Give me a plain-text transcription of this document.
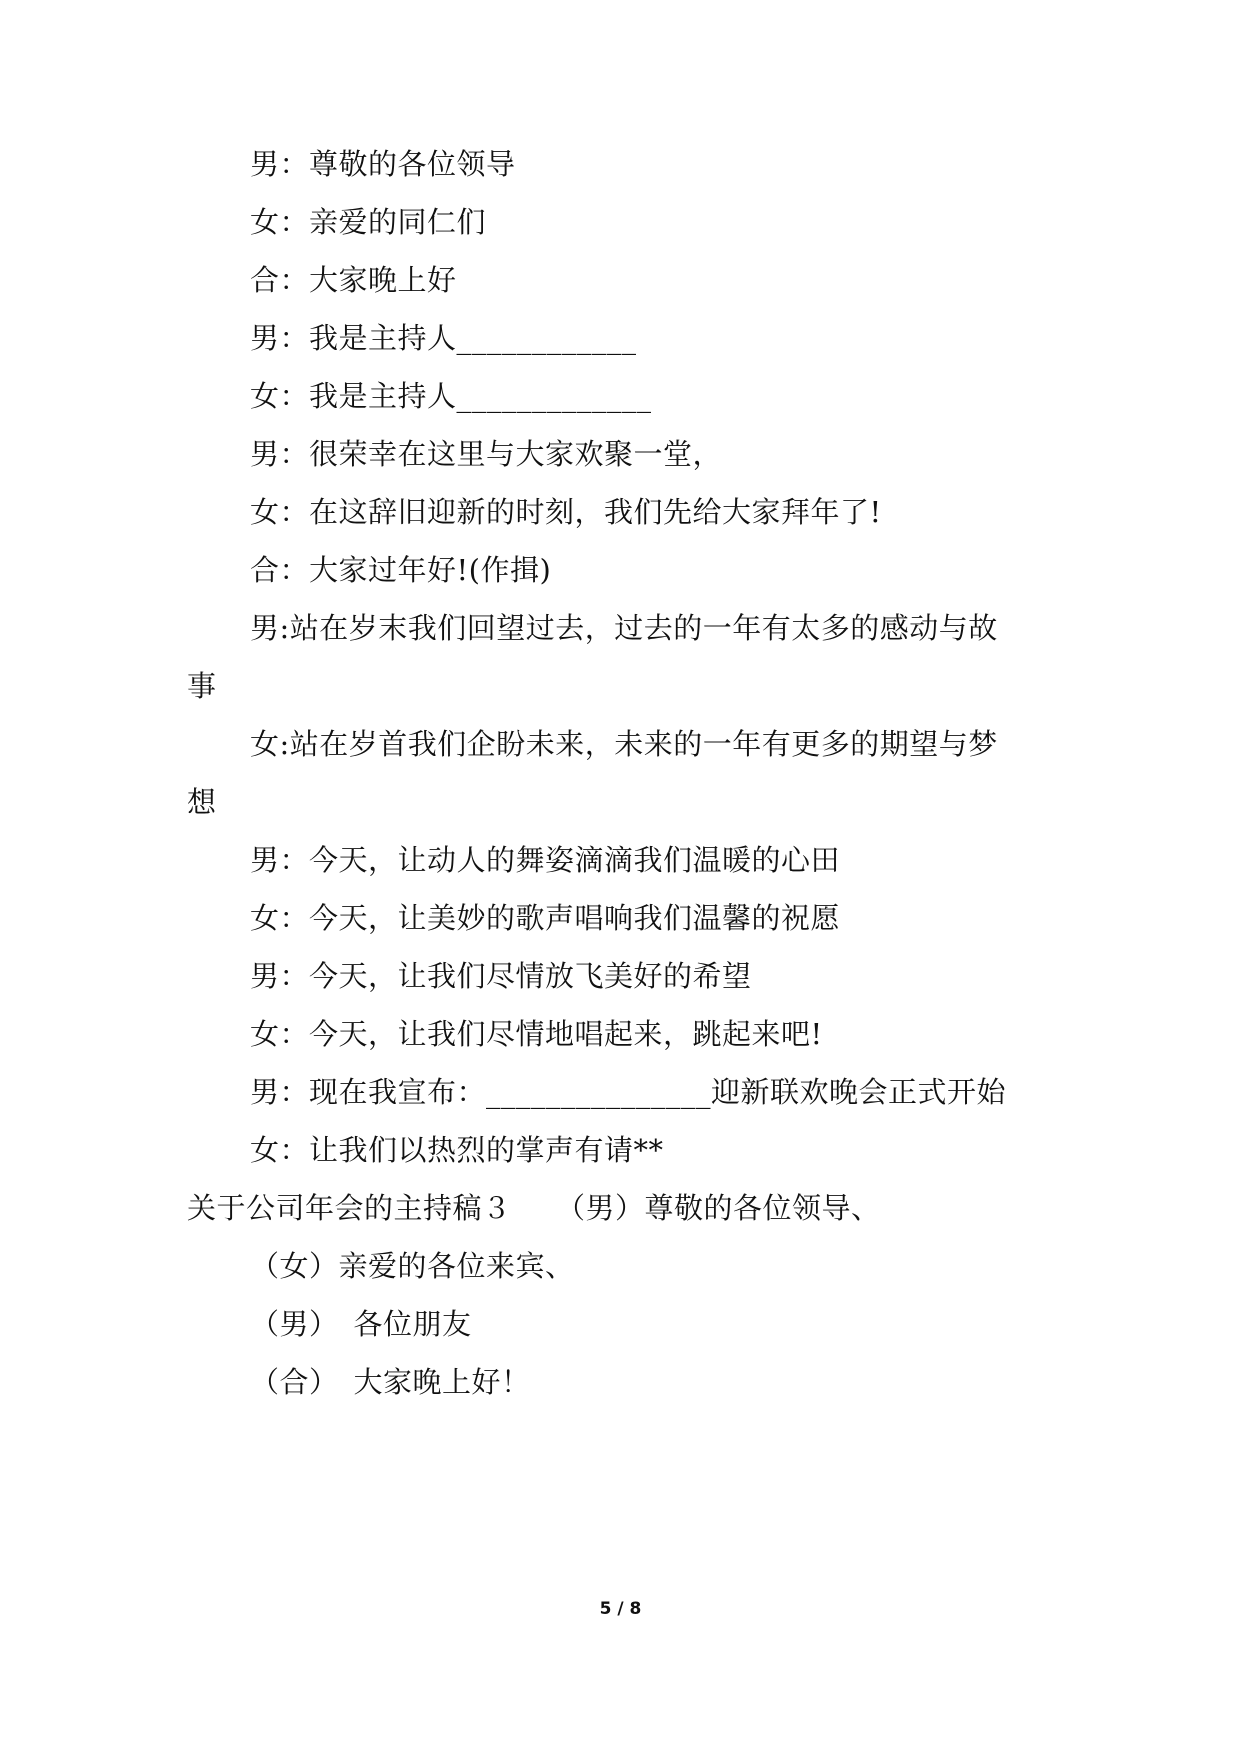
男：尊敬的各位领导
女：亲爱的同仁们
合：大家晚上好
男：我是主持人____________
女：我是主持人_____________
男：很荣幸在这里与大家欢聚一堂，
女：在这辞旧迎新的时刻，我们先给大家拜年了!
合：大家过年好!(作揖)
男:站在岁末我们回望过去，过去的一年有太多的感动与故
事
女:站在岁首我们企盼未来，未来的一年有更多的期望与梦
想
男：今天，让动人的舞姿滴滴我们温暖的心田
女：今天，让美妙的歌声唱响我们温馨的祝愿
男：今天，让我们尽情放飞美好的希望
女：今天，让我们尽情地唱起来，跳起来吧!
男：现在我宣布：_______________迎新联欢晚会正式开始
女：让我们以热烈的掌声有请**
关于公司年会的主持稿３　　（男）尊敬的各位领导、
（女）亲爱的各位来宾、
（男）　各位朋友
（合）　大家晚上好！
5 / 8
